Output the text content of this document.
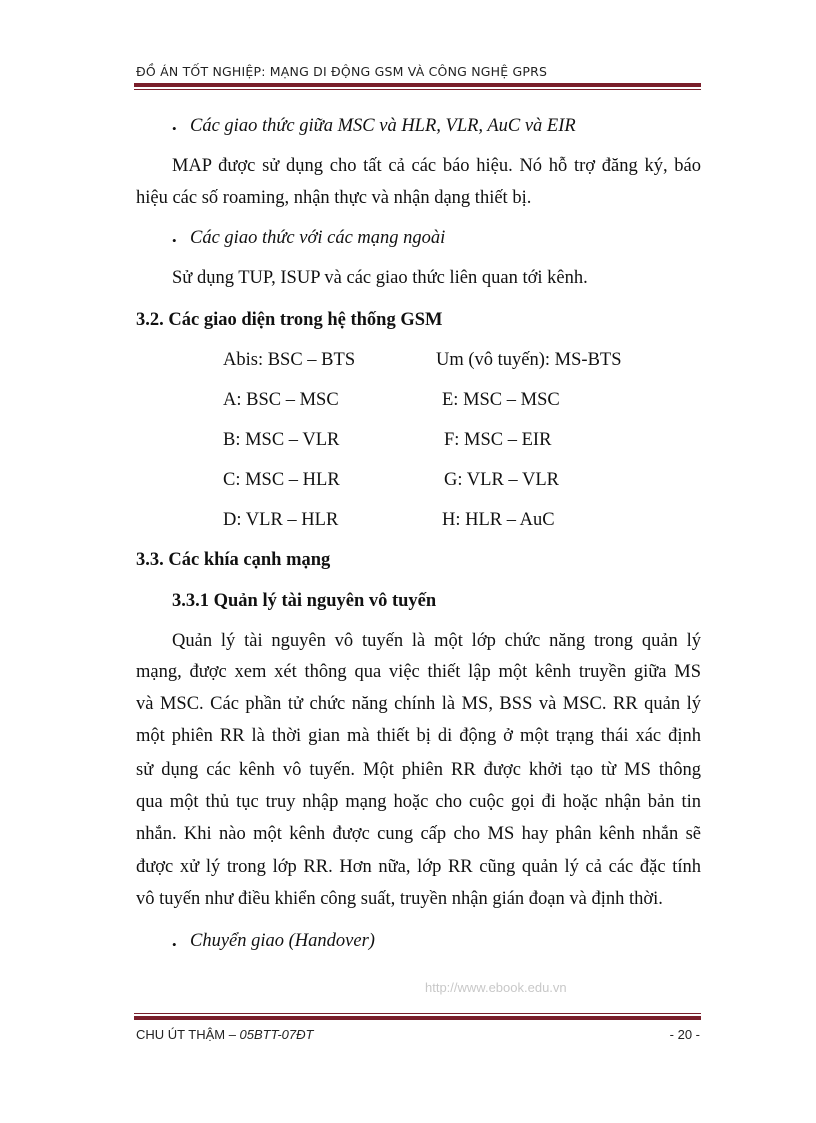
ĐỒ ÁN TỐT NGHIỆP: MẠNG DI ĐỘNG GSM VÀ CÔNG NGHỆ GPRS
• Các giao thức giữa MSC và HLR, VLR, AuC và EIR
MAP được sử dụng cho tất cả các báo hiệu. Nó hỗ trợ đăng ký, báo
hiệu các số roaming, nhận thực và nhận dạng thiết bị.
• Các giao thức với các mạng ngoài
Sử dụng TUP, ISUP và các giao thức liên quan tới kênh.
3.2. Các giao diện trong hệ thống GSM
Abis: BSC – BTS	Um (vô tuyến): MS-BTS
A: BSC – MSC	E: MSC – MSC
B: MSC – VLR	F: MSC – EIR
C: MSC – HLR	G: VLR – VLR
D: VLR – HLR	H: HLR – AuC
3.3. Các khía cạnh mạng
3.3.1 Quản lý tài nguyên vô tuyến
Quản lý tài nguyên vô tuyến là một lớp chức năng trong quản lý
mạng, được xem xét thông qua việc thiết lập một kênh truyền giữa MS
và MSC. Các phần tử chức năng chính là MS, BSS và MSC. RR quản lý
một phiên RR là thời gian mà thiết bị di động ở một trạng thái xác định
sử dụng các kênh vô tuyến. Một phiên RR được khởi tạo từ MS thông
qua một thủ tục truy nhập mạng hoặc cho cuộc gọi đi hoặc nhận bản tin
nhắn. Khi nào một kênh được cung cấp cho MS hay phân kênh nhắn sẽ
được xử lý trong lớp RR. Hơn nữa, lớp RR cũng quản lý cả các đặc tính
vô tuyến như điều khiển công suất, truyền nhận gián đoạn và định thời.
• Chuyển giao (Handover)
http://www.ebook.edu.vn
CHU ÚT THẬM – 05BTT-07ĐT	- 20 -
